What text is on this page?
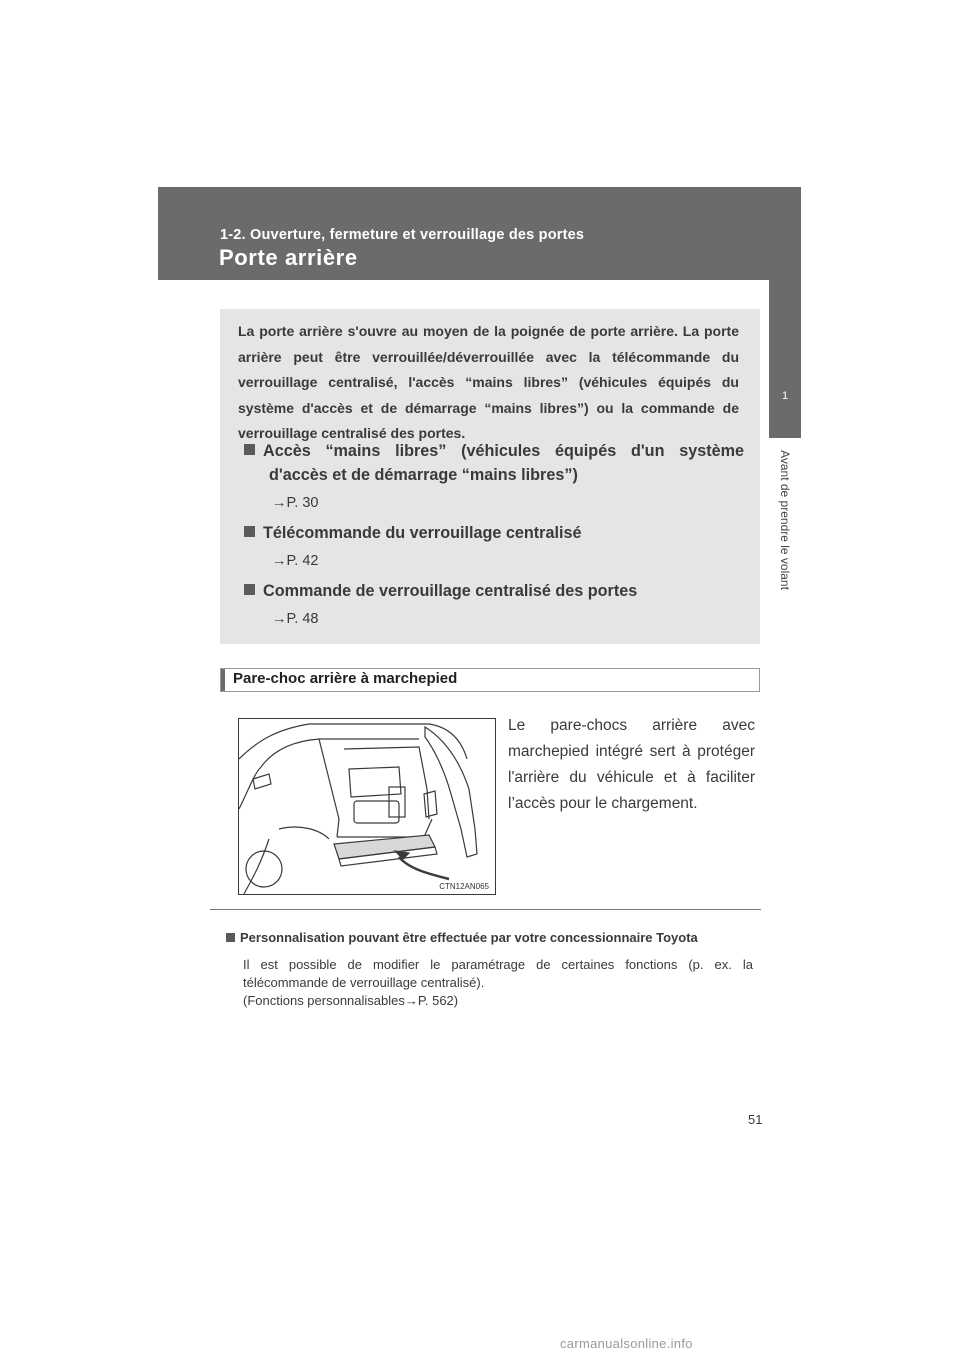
1-2. Ouverture, fermeture et verrouillage des portes
Porte arrière
1
Avant de prendre le volant

La porte arrière s'ouvre au moyen de la poignée de porte arrière. La porte arrière peut être verrouillée/déverrouillée avec la télécommande du verrouillage centralisé, l'accès “mains libres” (véhicules équipés du système d'accès et de démarrage “mains libres”) ou la commande de verrouillage centralisé des portes.

Accès “mains libres” (véhicules équipés d'un système d'accès et de démarrage “mains libres”)
→P. 30
Télécommande du verrouillage centralisé
→P. 42
Commande de verrouillage centralisé des portes
→P. 48
Pare-choc arrière à marchepied
CTN12AN065
Le pare-chocs arrière avec marchepied intégré sert à protéger l'arrière du véhicule et à faciliter l’accès pour le chargement.
Personnalisation pouvant être effectuée par votre concessionnaire Toyota
Il est possible de modifier le paramétrage de certaines fonctions (p. ex. la télécommande de verrouillage centralisé).
(Fonctions personnalisables→P. 562)
51
carmanualsonline.info
